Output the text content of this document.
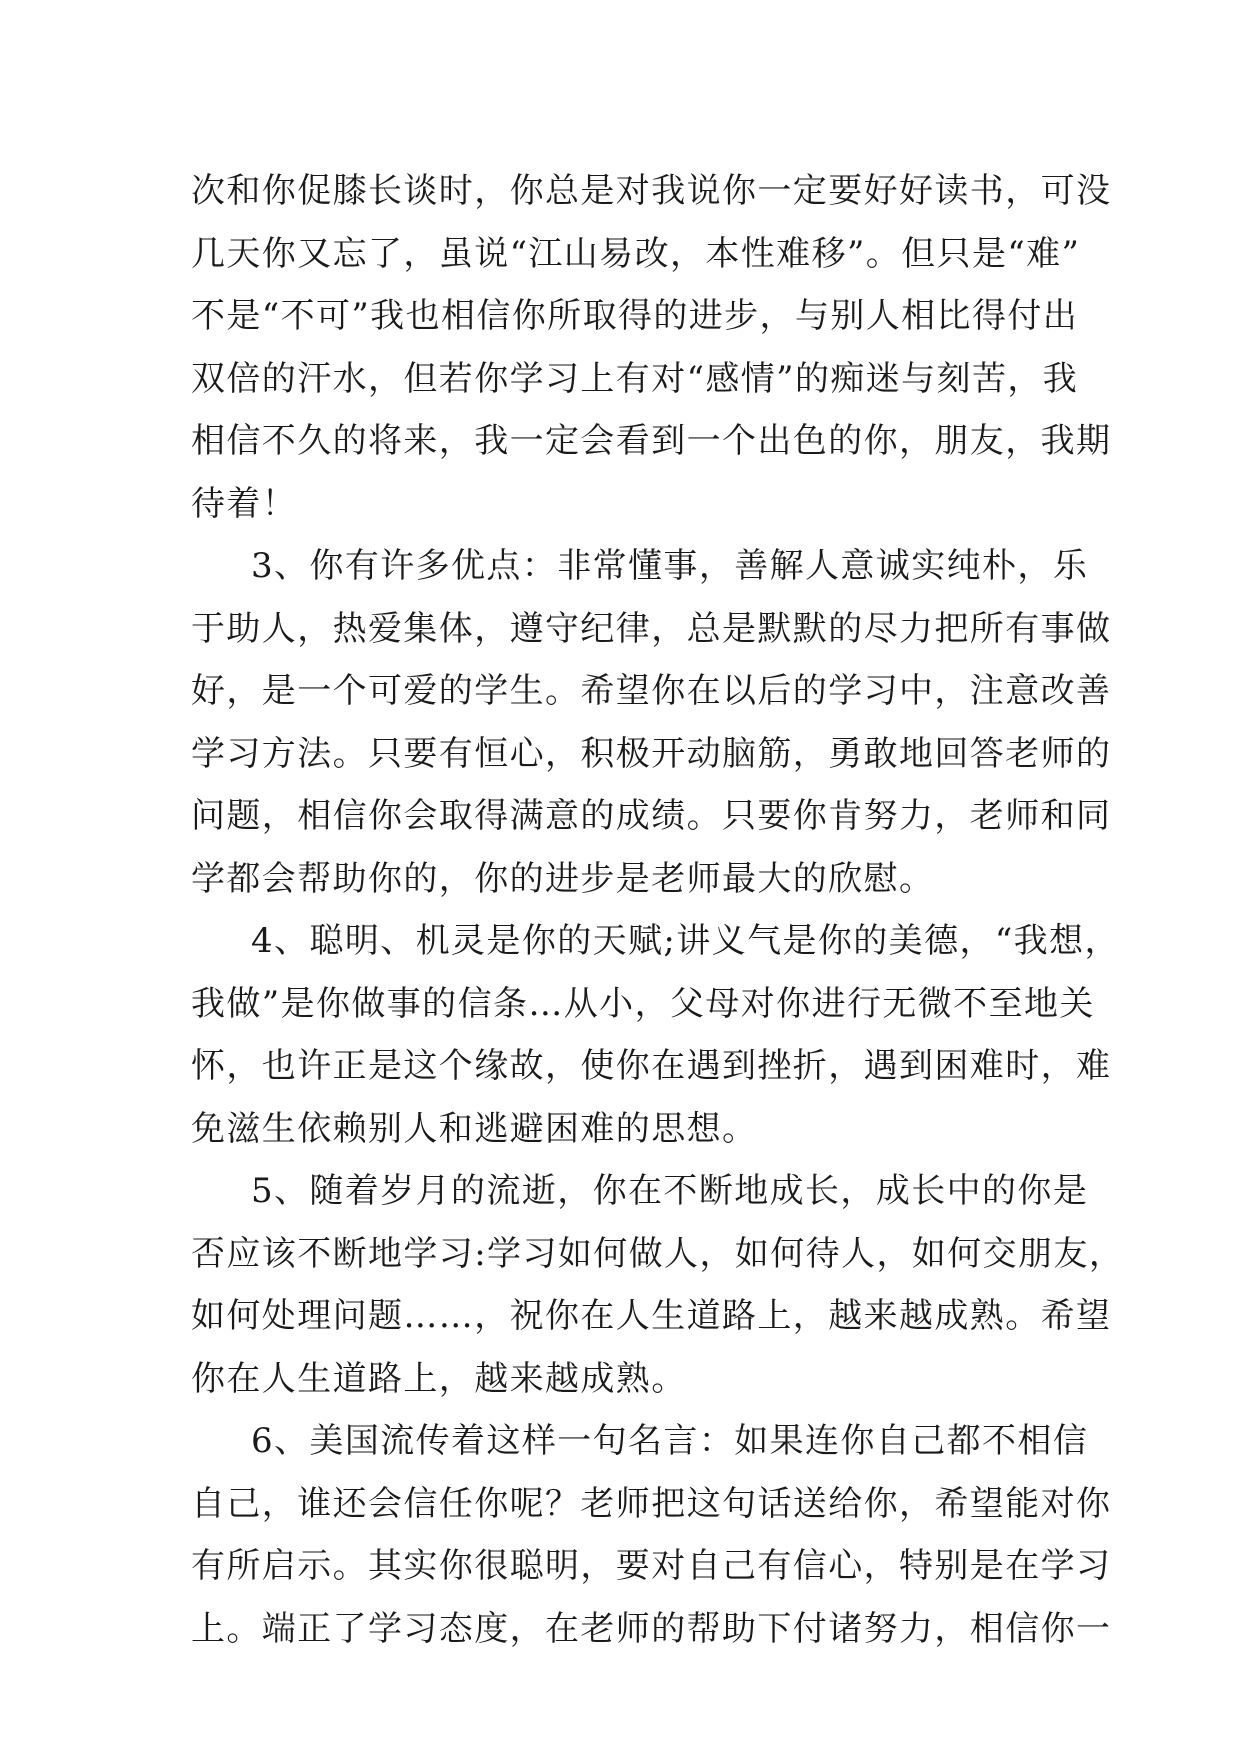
次和你促膝长谈时，你总是对我说你一定要好好读书，可没
几天你又忘了，虽说“江山易改，本性难移”。但只是“难”
不是“不可”我也相信你所取得的进步，与别人相比得付出
双倍的汗水，但若你学习上有对“感情”的痴迷与刻苦，我
相信不久的将来，我一定会看到一个出色的你，朋友，我期
待着！
3、你有许多优点：非常懂事，善解人意诚实纯朴，乐
于助人，热爱集体，遵守纪律，总是默默的尽力把所有事做
好，是一个可爱的学生。希望你在以后的学习中，注意改善
学习方法。只要有恒心，积极开动脑筋，勇敢地回答老师的
问题，相信你会取得满意的成绩。只要你肯努力，老师和同
学都会帮助你的，你的进步是老师最大的欣慰。
4、聪明、机灵是你的天赋;讲义气是你的美德，“我想，
我做”是你做事的信条…从小，父母对你进行无微不至地关
怀，也许正是这个缘故，使你在遇到挫折，遇到困难时，难
免滋生依赖别人和逃避困难的思想。
5、随着岁月的流逝，你在不断地成长，成长中的你是
否应该不断地学习:学习如何做人，如何待人，如何交朋友，
如何处理问题……，祝你在人生道路上，越来越成熟。希望
你在人生道路上，越来越成熟。
6、美国流传着这样一句名言：如果连你自己都不相信
自己，谁还会信任你呢？老师把这句话送给你，希望能对你
有所启示。其实你很聪明，要对自己有信心，特别是在学习
上。端正了学习态度，在老师的帮助下付诸努力，相信你一
